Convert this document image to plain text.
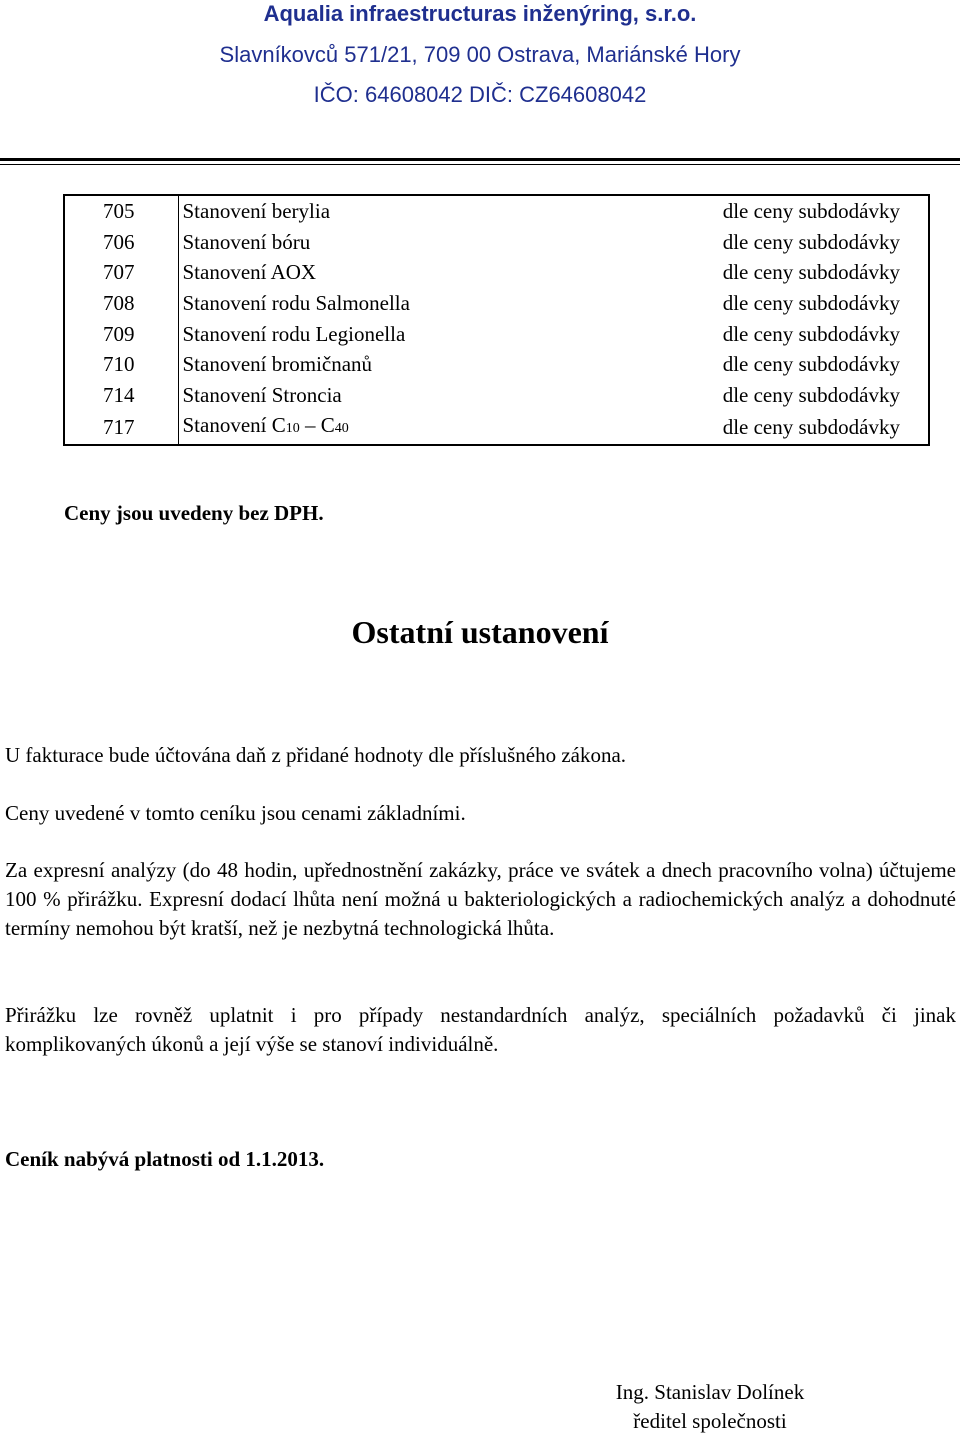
Aqualia infraestructuras inženýring, s.r.o.
Slavníkovců 571/21, 709 00 Ostrava, Mariánské Hory
IČO: 64608042 DIČ: CZ64608042
705	Stanovení berylia	dle ceny subdodávky
706	Stanovení bóru	dle ceny subdodávky
707	Stanovení AOX	dle ceny subdodávky
708	Stanovení rodu Salmonella	dle ceny subdodávky
709	Stanovení rodu Legionella	dle ceny subdodávky
710	Stanovení bromičnanů	dle ceny subdodávky
714	Stanovení Stroncia	dle ceny subdodávky
717	Stanovení C10 – C40	dle ceny subdodávky
Ceny jsou uvedeny bez DPH.
Ostatní ustanovení
U fakturace bude účtována daň z přidané hodnoty dle příslušného zákona.
Ceny uvedené v tomto ceníku jsou cenami základními.
Za expresní analýzy (do 48 hodin, upřednostnění zakázky, práce ve svátek a dnech pracovního volna) účtujeme 100 % přirážku. Expresní dodací lhůta není možná u bakteriologických a radiochemických analýz a dohodnuté termíny nemohou být kratší, než je nezbytná technologická lhůta.
Přirážku lze rovněž uplatnit i pro případy nestandardních analýz, speciálních požadavků či jinak komplikovaných úkonů a její výše se stanoví individuálně.
Ceník nabývá platnosti od 1.1.2013.
Ing. Stanislav Dolínek
ředitel společnosti
